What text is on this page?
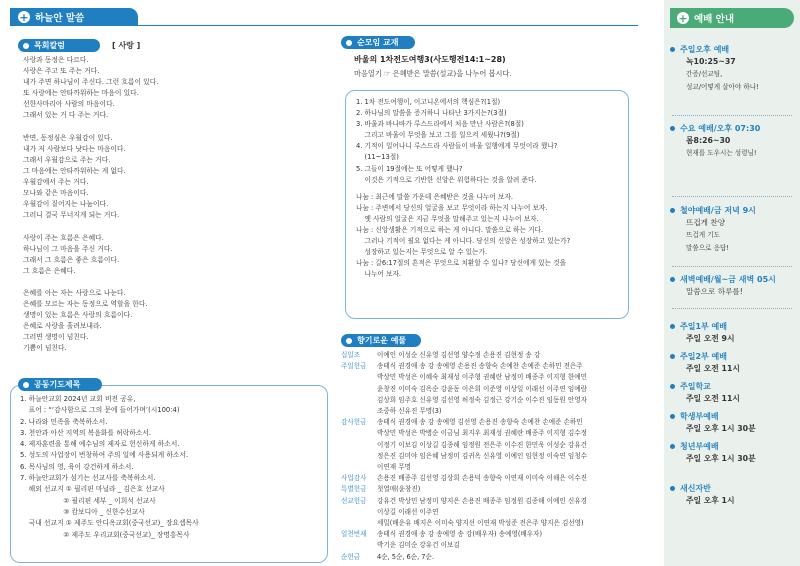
+ 하늘안 말씀
목회칼럼	[ 사랑 ]
사랑과 동정은 다르다.
사랑은 주고 또 주는 거다.
내가 주면 하나님이 주신다. 그런 흐름이 있다.
또 사랑에는 안타까워하는 마음이 있다.
선한사마리아 사람의 마음이다.
그래서 있는 거 다 주는 거다.
반면, 동정심은 우월감이 있다.
내가 저 사람보다 낫다는 마음이다.
그래서 우월감으로 주는 거다.
그 마음에는 안타까워하는 게 없다.
우월감에서 주는 거다.
모나와 같은 마음이다.
우월감이 짙어지는 나눔이다.
그러니 결국 무너지게 되는 거다.
사랑이 주는 흐름은 은혜다.
하나님이 그 마음을 주신 거다.
그래서 그 흐름은 좋은 흐름이다.
그 흐름은 은혜다.
은혜를 아는 자는 사랑으로 나눈다.
은혜를 모르는 자는 동정으로 역할을 한다.
생명이 있는 흐름은 사랑의 흐름이다.
은혜로 사랑을 흘려보내라.
그러면 생명이 넘친다.
기쁨이 넘친다.
공동기도제목
1. 하늘안교회 2024년 교회 비전 공유,
표어 : “‘감사함으로 그의 문에 들어가며’(시100:4)
2. 나라와 민족을 축복하소서.
3. 천안과 아산 지역의 복음화를 허락하소서.
4. 제자훈련을 통해 예수님의 제자로 헌신하게 하소서.
5. 성도의 사업장이 번창하여 주의 일에 사용되게 하소서.
6. 목사님의 영, 육이 강건하게 하소서.
7. 하늘안교회가 섬기는 선교사를 축복하소서.
해외 선교지 ① 필리핀 마닐라 _ 김은호 선교사
② 필리핀 세부 _ 이희석 선교사
③ 캄보디아 _ 신한수선교사
국내 선교지 ① 제주도 안디옥교회(중국선교)_ 장요셉목사
② 제주도 우리교회(중국선교)_ 장명흥목사
순모임 교재
바울의 1차전도여행3(사도행전14:1~28)
마음열기 ☞ 은혜받은 말씀(설교)을 나누어 봅시다.
1. 1차 전도여행이, 이고니온에서의 핵심은?(1절)
2. 하나님의 말씀을 증거하니 나타난 3가지는?(3절)
3. 바울과 바나바가 루스드라에서 처음 만난 사람은?(8절)
그리고 바울이 무엇을 보고 그를 일으켜 세웠나?(9절)
4. 기적이 일어나니 루스드라 사람들이 바울 일행에게 무엇이라 했나?
(11~13절)
5. 그들이 19절에는 또 어떻게 했나?
이것은 기적으로 기반한 신앙은 위험하다는 것을 알려 준다.
나눔 : 최근에 말씀 가운데 은혜받은 것을 나누어 보자.
나눔 : 주변에서 당신의 얼굴을 보고 무엇이라 하는지 나누어 보자.
옛 사람의 얼굴은 지금 무엇을 말해주고 있는지 나누어 보자.
나눔 : 신앙생활은 기적으로 하는 게 아니다. 말씀으로 하는 거다.
그러나 기적이 필요 없다는 게 아니다. 당신의 신앙은 성장하고 있는가?
성장하고 있는지는 무엇으로 알 수 있는가.
나눔 : 갈6:17절의 흔적은 무엇으로 치환할 수 있나? 당신에게 있는 것을
나누어 보자.
향기로운 예물
십일조	이예인 이성순 신유영 김선영 양수정 손용진 김현정 송 강
주일헌금	송태식 권경애 송 강 송예영 손용진 송향숙 손예찬 손예준 손하민 전은주
박상민 박성은 이혜숙 최재성 이주형 권혜란 남정미 배종주 이지형 한예민
윤창진 이미숙 김옥순 강윤동 이은희 이준영 이상일 이래선 이주연 임예람
김상희 임주호 신유영 김선영 허정숙 김정근 강기순 이수진 임동원 안영자
조중하 신유진 무명(3)
감사헌금	송태식 권경애 송 강 송예영 김선영 손용진 송향숙 손예찬 손예준 손하민
박상민 박성은 박병순 이금님 최지우 최재성 권혜란 배종주 이지형 김수정
이정기 이보김 이상길 김종해 임정원 전은주 이수진 한민욱 이성순 강유건
정은진 김미야 임은혜 남정미 김귀옥 신유영 이예인 임현정 이숙연 임청수
이연재 무명
사업감사	손용진 배종주 김선영 김상희 손용덕 송향숙 이연재 이미숙 이해은 이수진
특별헌금	첫열매(윤창진)
선교헌금	강유건 박상민 남정미 양지은 손용진 배종주 임정원 김종해 이예인 신유경
이상길 이래선 이주연
세밀(배운유 배지은 이미숙 양지선 이연재 박성준 전은주 양지은 김선영)
일천번제	송태식 권경애 송 강 송예영 송 강(배우자) 송예영(배우자)
박기운 김미순 강유건 이보김
순헌금	4순, 5순, 6순, 7순.
+ 예배 안내
주일오후 예배
녹10:25~37
간증/선교팀,
성교/어떻게 살아야 하나!
수요 예배/오후 07:30
롬8:26~30
현재를 도우시는 성령님!
철야예배/금 저녁 9시
뜨겁게 찬양
뜨겁게 기도
말씀으로 응답!
새벽예배/월~금 새벽 05시
말씀으로 하루를!
주일1부 예배
주일 오전 9시
주일2부 예배
주일 오전 11시
주일학교
주일 오전 11시
학생부예배
주일 오후 1시 30분
청년부예배
주일 오후 1시 30분
새신자반
주일 오후 1시
